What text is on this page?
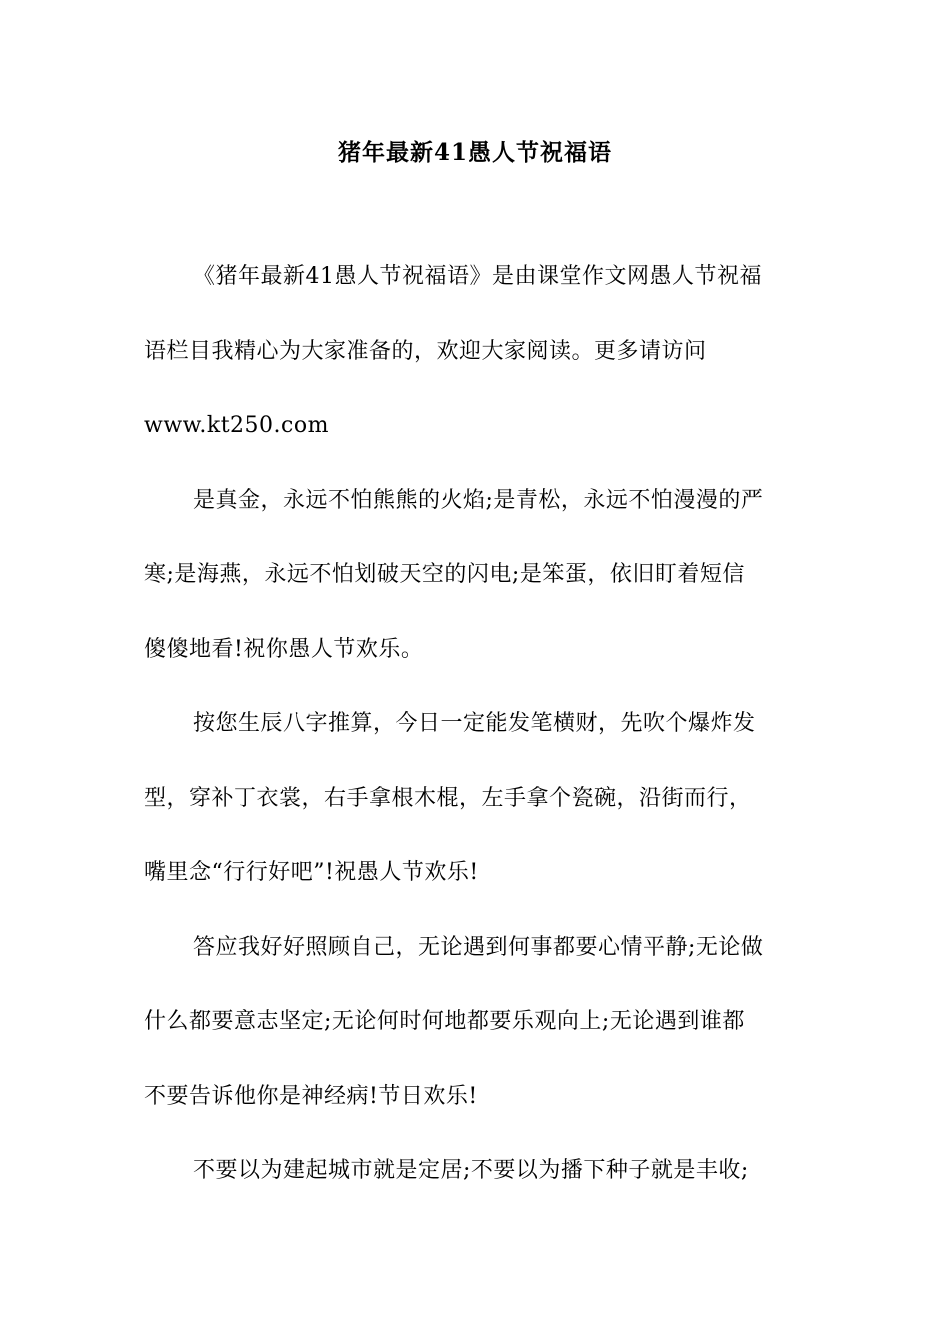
猪年最新41愚人节祝福语
《猪年最新41愚人节祝福语》是由课堂作文网愚人节祝福
语栏目我精心为大家准备的，欢迎大家阅读。更多请访问
www.kt250.com
是真金，永远不怕熊熊的火焰;是青松，永远不怕漫漫的严
寒;是海燕，永远不怕划破天空的闪电;是笨蛋，依旧盯着短信
傻傻地看!祝你愚人节欢乐。
按您生辰八字推算，今日一定能发笔横财，先吹个爆炸发
型，穿补丁衣裳，右手拿根木棍，左手拿个瓷碗，沿街而行，
嘴里念“行行好吧”!祝愚人节欢乐!
答应我好好照顾自己，无论遇到何事都要心情平静;无论做
什么都要意志坚定;无论何时何地都要乐观向上;无论遇到谁都
不要告诉他你是神经病!节日欢乐!
不要以为建起城市就是定居;不要以为播下种子就是丰收;
